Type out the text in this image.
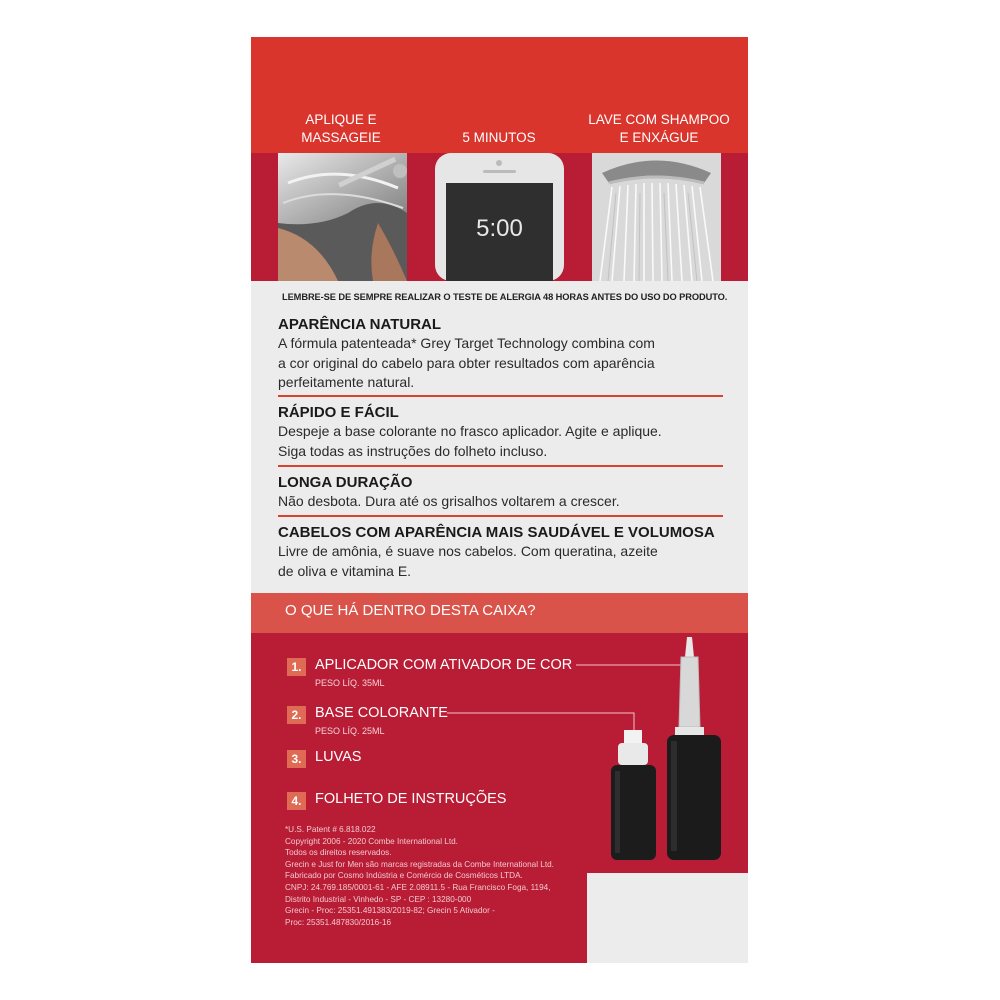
APLIQUE E
MASSAGEIE	5 MINUTOS
LAVE COM SHAMPOO
E ENXÁGUE
5:00
LEMBRE-SE DE SEMPRE REALIZAR O TESTE DE ALERGIA 48 HORAS ANTES DO USO DO PRODUTO.
APARÊNCIA NATURAL

A fórmula patenteada* Grey Target Technology combina com

a cor original do cabelo para obter resultados com aparência

perfeitamente natural.

RÁPIDO E FÁCIL

Despeje a base colorante no frasco aplicador. Agite e aplique.

Siga todas as instruções do folheto incluso.

LONGA DURAÇÃO

Não desbota. Dura até os grisalhos voltarem a crescer.

CABELOS COM APARÊNCIA MAIS SAUDÁVEL E VOLUMOSA

Livre de amônia, é suave nos cabelos. Com queratina, azeite

de oliva e vitamina E.

O QUE HÁ DENTRO DESTA CAIXA?
1. APLICADOR COM ATIVADOR DE COR
PESO LÍQ. 35ML
2. BASE COLORANTE
PESO LÍQ. 25ML
3. LUVAS
4. FOLHETO DE INSTRUÇÕES
*U.S. Patent # 6.818.022
Copyright 2006 - 2020 Combe International Ltd.
Todos os direitos reservados.
Grecin e Just for Men são marcas registradas da Combe International Ltd.
Fabricado por Cosmo Indústria e Comércio de Cosméticos LTDA.
CNPJ: 24.769.185/0001-61 - AFE 2.08911.5 - Rua Francisco Foga, 1194,
Distrito Industrial - Vinhedo - SP - CEP : 13280-000
Grecin - Proc: 25351.491383/2019-82; Grecin 5 Ativador -
Proc: 25351.487830/2016-16
